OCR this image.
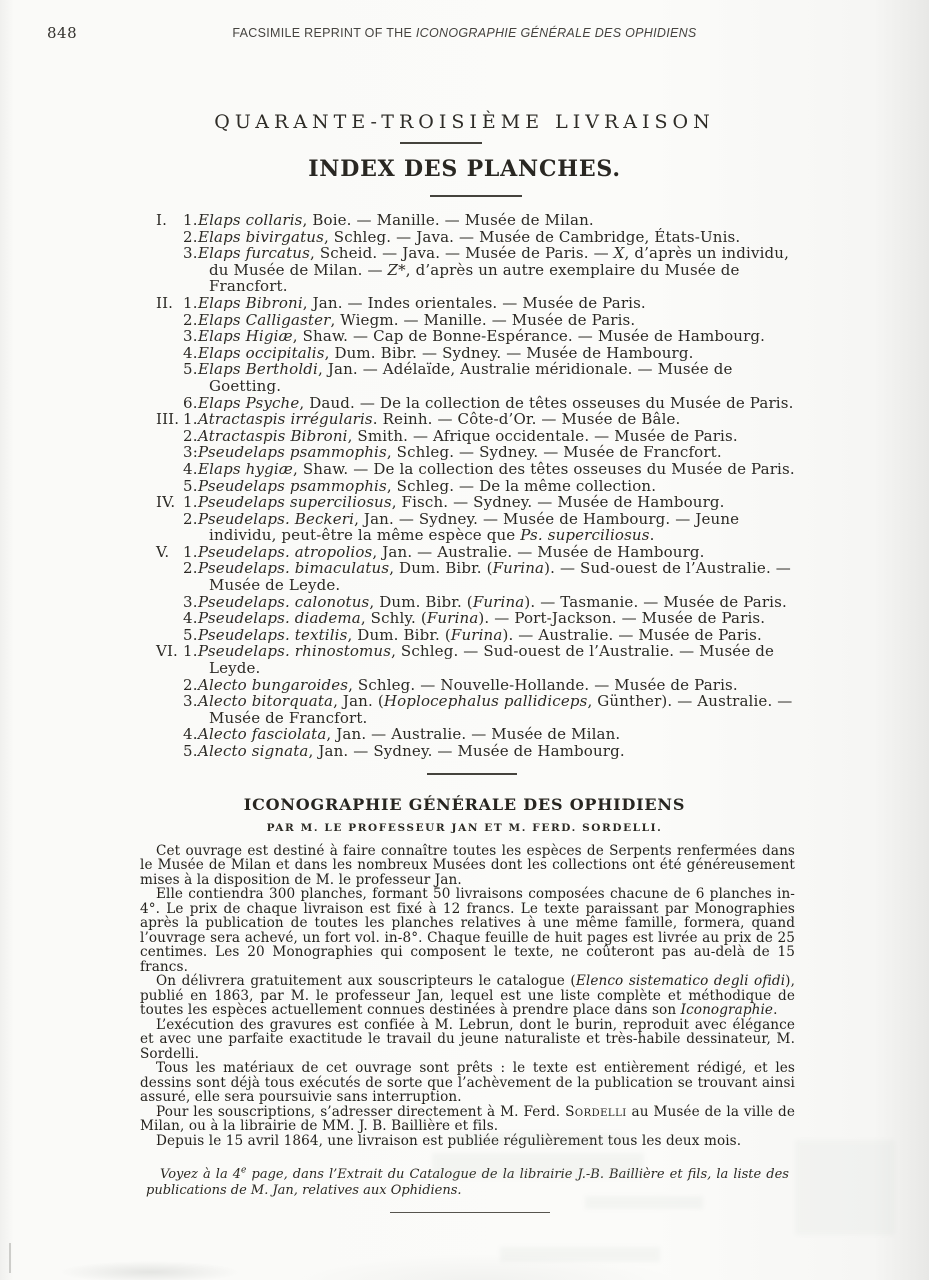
848	FACSIMILE REPRINT OF THE ICONOGRAPHIE GÉNÉRALE DES OPHIDIENS
QUARANTE-TROISIÈME LIVRAISON
INDEX DES PLANCHES.
I.	1. Elaps collaris, Boie. — Manille. — Musée de Milan.
2. Elaps bivirgatus, Schleg. — Java. — Musée de Cambridge, États-Unis.
3. Elaps furcatus, Scheid. — Java. — Musée de Paris. — X, d’après un individu, du Musée de Milan. — Z*, d’après un autre exemplaire du Musée de Francfort.
II. 1. Elaps Bibroni, Jan. — Indes orientales. — Musée de Paris.
2. Elaps Calligaster, Wiegm. — Manille. — Musée de Paris.
3. Elaps Higiæ, Shaw. — Cap de Bonne-Espérance. — Musée de Hambourg.
4. Elaps occipitalis, Dum. Bibr. — Sydney. — Musée de Hambourg.
5. Elaps Bertholdi, Jan. — Adélaïde, Australie méridionale. — Musée de Goetting.
6. Elaps Psyche, Daud. — De la collection de têtes osseuses du Musée de Paris.
III. 1. Atractaspis irrégularis. Reinh. — Côte-d’Or. — Musée de Bâle.
2. Atractaspis Bibroni, Smith. — Afrique occidentale. — Musée de Paris.
3: Pseudelaps psammophis, Schleg. — Sydney. — Musée de Francfort.
4. Elaps hygiæ, Shaw. — De la collection des têtes osseuses du Musée de Paris.
5. Pseudelaps psammophis, Schleg. — De la même collection.
IV. 1. Pseudelaps superciliosus, Fisch. — Sydney. — Musée de Hambourg.
2. Pseudelaps. Beckeri, Jan. — Sydney. — Musée de Hambourg. — Jeune individu, peut-être la même espèce que Ps. superciliosus.
V. 1. Pseudelaps. atropolios, Jan. — Australie. — Musée de Hambourg.
2. Pseudelaps. bimaculatus, Dum. Bibr. (Furina). — Sud-ouest de l’Australie. — Musée de Leyde.
3. Pseudelaps. calonotus, Dum. Bibr. (Furina). — Tasmanie. — Musée de Paris.
4. Pseudelaps. diadema, Schly. (Furina). — Port-Jackson. — Musée de Paris.
5. Pseudelaps. textilis, Dum. Bibr. (Furina). — Australie. — Musée de Paris.
VI. 1. Pseudelaps. rhinostomus, Schleg. — Sud-ouest de l’Australie. — Musée de Leyde.
2. Alecto bungaroides, Schleg. — Nouvelle-Hollande. — Musée de Paris.
3. Alecto bitorquata, Jan. (Hoplocephalus pallidiceps, Günther). — Australie. — Musée de Francfort.
4. Alecto fasciolata, Jan. — Australie. — Musée de Milan.
5. Alecto signata, Jan. — Sydney. — Musée de Hambourg.
ICONOGRAPHIE GÉNÉRALE DES OPHIDIENS
PAR M. LE PROFESSEUR JAN ET M. FERD. SORDELLI.

Cet ouvrage est destiné à faire connaître toutes les espèces de Serpents renfermées dans le Musée de Milan et dans les nombreux Musées dont les collections ont été généreusement mises à la disposition de M. le professeur Jan.

Elle contiendra 300 planches, formant 50 livraisons composées chacune de 6 planches in-4°. Le prix de chaque livraison est fixé à 12 francs. Le texte paraissant par Monographies après la publication de toutes les planches relatives à une même famille, formera, quand l’ouvrage sera achevé, un fort vol. in-8°. Chaque feuille de huit pages est livrée au prix de 25 centimes. Les 20 Monographies qui composent le texte, ne coûteront pas au-delà de 15 francs.

On délivrera gratuitement aux souscripteurs le catalogue (Elenco sistematico degli ofidi), publié en 1863, par M. le professeur Jan, lequel est une liste complète et méthodique de toutes les espèces actuellement connues destinées à prendre place dans son Iconographie.

L’exécution des gravures est confiée à M. Lebrun, dont le burin, reproduit avec élégance et avec une parfaite exactitude le travail du jeune naturaliste et très-habile dessinateur, M. Sordelli.

Tous les matériaux de cet ouvrage sont prêts : le texte est entièrement rédigé, et les dessins sont déjà tous exécutés de sorte que l’achèvement de la publication se trouvant ainsi assuré, elle sera poursuivie sans interruption.

Pour les souscriptions, s’adresser directement à M. Ferd. Sordelli au Musée de la ville de Milan, ou à la librairie de MM. J. B. Baillière et fils.

Depuis le 15 avril 1864, une livraison est publiée régulièrement tous les deux mois.

Voyez à la 4e page, dans l’Extrait du Catalogue de la librairie J.-B. Baillière et fils, la liste des publications de M. Jan, relatives aux Ophidiens.
